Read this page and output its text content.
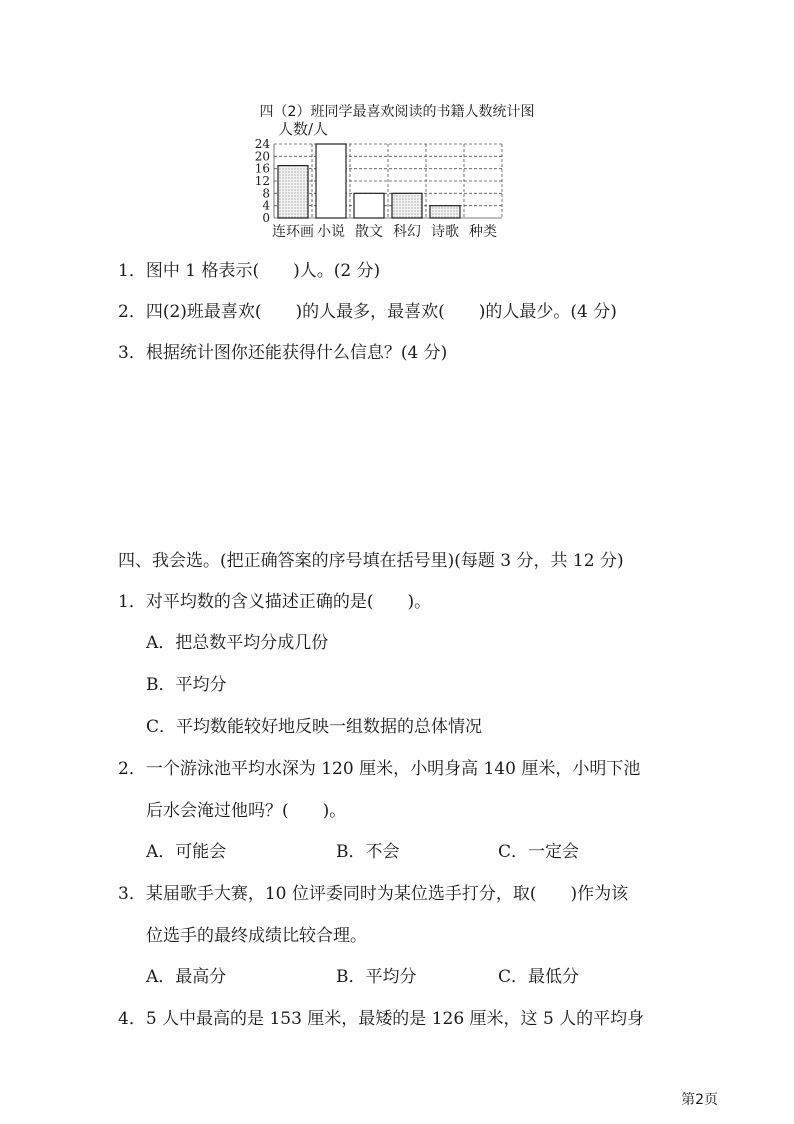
四（2）班同学最喜欢阅读的书籍人数统计图
0
4
8
12
16
20
24
人数/人
连环画 小说 散文 科幻 诗歌 种类
1．图中 1 格表示(　　)人。(2 分)
2．四(2)班最喜欢(　　)的人最多，最喜欢(　　)的人最少。(4 分)
3．根据统计图你还能获得什么信息？(4 分)
四、我会选。(把正确答案的序号填在括号里)(每题 3 分，共 12 分)
1．对平均数的含义描述正确的是(　　)。
A．把总数平均分成几份
B．平均分
C．平均数能较好地反映一组数据的总体情况
2．一个游泳池平均水深为 120 厘米，小明身高 140 厘米，小明下池
后水会淹过他吗？(　　)。
A．可能会	B．不会	C．一定会
3．某届歌手大赛，10 位评委同时为某位选手打分，取(　　)作为该
位选手的最终成绩比较合理。
A．最高分	B．平均分	C．最低分
4．5 人中最高的是 153 厘米，最矮的是 126 厘米，这 5 人的平均身
第2页
